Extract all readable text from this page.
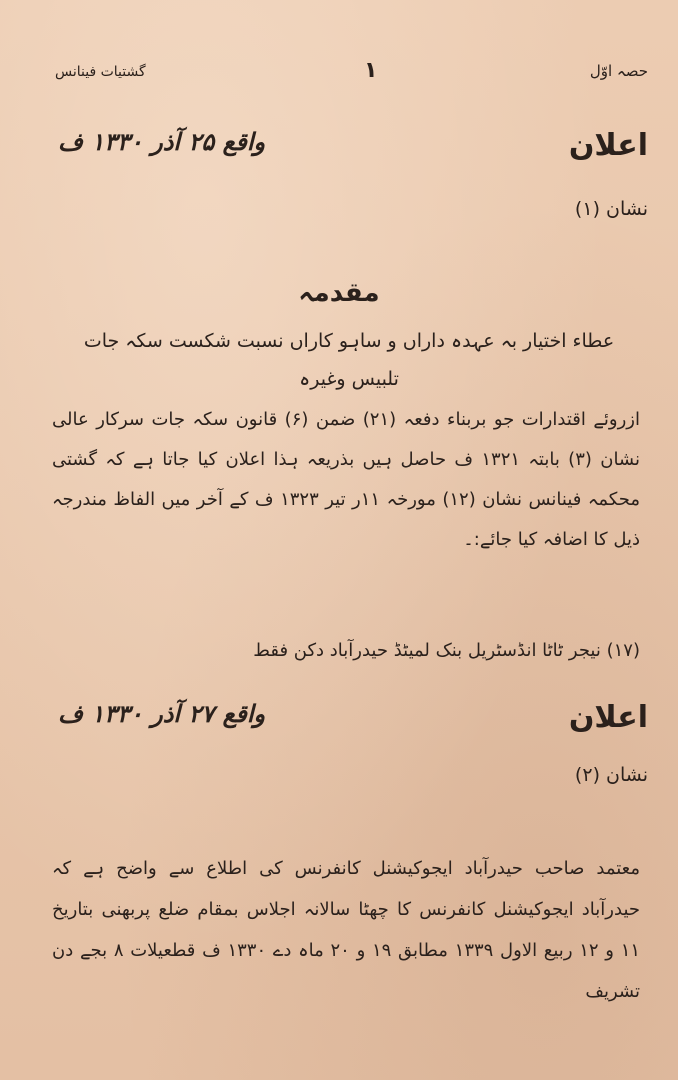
حصہ اوّل
۱
گشتیات فینانس
اعلان
واقع ۲۵ آذر ۱۳۳۰ ف
نشان (۱)
مقدمہ
عطاء اختیار بہ عہدہ داراں و ساہو کاراں نسبت شکست سکہ جات
تلبیس وغیرہ
ازروئے اقتدارات جو بربناء دفعہ (۲۱) ضمن (۶) قانون سکہ جات سرکار عالی نشان (۳) بابتہ ۱۳۲۱ ف حاصل ہیں بذریعہ ہذا اعلان کیا جاتا ہے کہ گشتی محکمہ فینانس نشان (۱۲) مورخہ ۱۱ر تیر ۱۳۲۳ ف کے آخر میں الفاظ مندرجہ ذیل کا اضافہ کیا جائے:۔
(۱۷) نیجر ٹاٹا انڈسٹریل بنک لمیٹڈ حیدرآباد دکن فقط
اعلان
واقع ۲۷ آذر ۱۳۳۰ ف
نشان (۲)
معتمد صاحب حیدرآباد ایجوکیشنل کانفرنس کی اطلاع سے واضح ہے کہ حیدرآباد ایجوکیشنل کانفرنس کا چھٹا سالانہ اجلاس بمقام ضلع پربھنی بتاریخ ۱۱ و ۱۲ ربیع الاول ۱۳۳۹ مطابق ۱۹ و ۲۰ ماہ دے ۱۳۳۰ ف قطعیلات ۸ بجے دن تشریف
